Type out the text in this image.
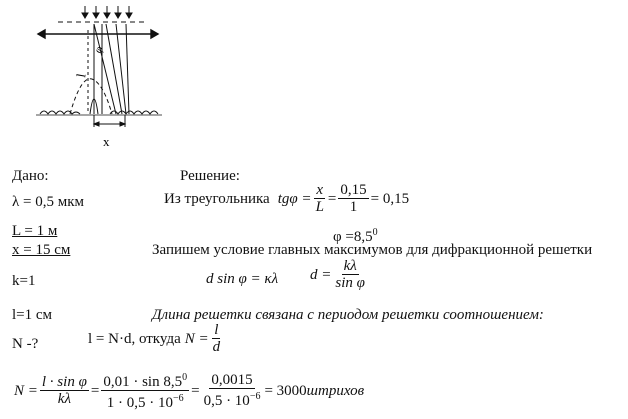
l
φ
x
Дано:
λ = 0,5 мкм
L = 1 м
x = 15 см
k=1
l=1 см
N -?
Решение:
Из треугольника $tg\varphi = \frac{x}{L} = \frac{0,15}{1} = 0,15$
$\varphi =8,5^0$
Запишем условие главных максимумов для дифракционной решетки
d sin φ = κλ $d = \frac{k\lambda}{\text{sin φ}}$
Длина решетки связана с периодом решетки соотношением:
l = N·d, откуда $N = \frac{l}{d}$
$N = \frac{\text{l · sin φ}}{k\lambda} = \frac{0,01 \cdot \sin 8,5^0}{1 \cdot 0,5 \cdot 10^{-6}} = \frac{0,0015}{0,5 \cdot 10^{-6}} = 3000$ штрихов
